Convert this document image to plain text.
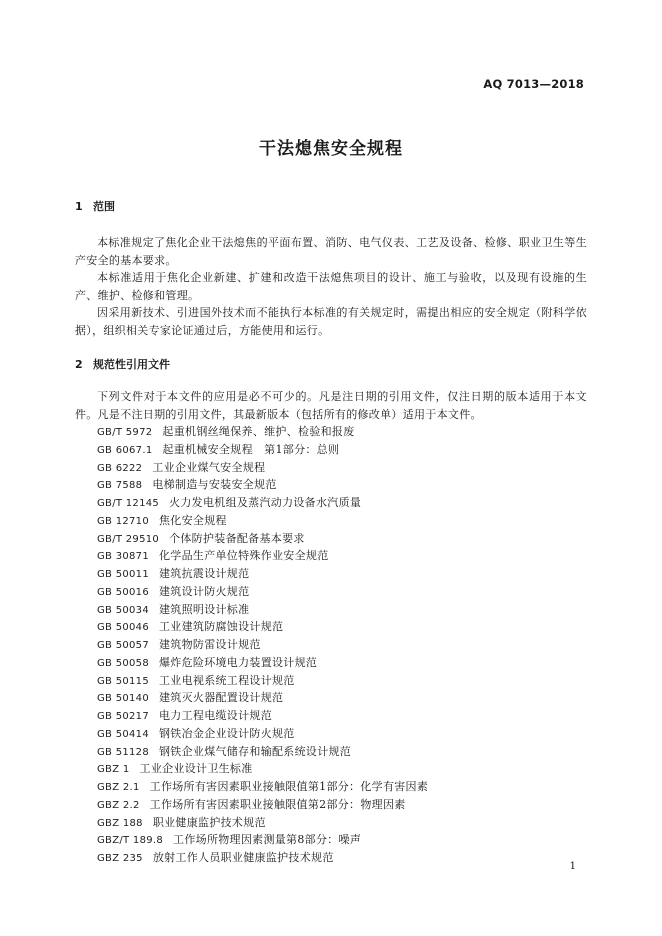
AQ 7013—2018
干法熄焦安全规程
1 范围
本标准规定了焦化企业干法熄焦的平面布置、消防、电气仪表、工艺及设备、检修、职业卫生等生产安全的基本要求。
本标准适用于焦化企业新建、扩建和改造干法熄焦项目的设计、施工与验收，以及现有设施的生产、维护、检修和管理。
因采用新技术、引进国外技术而不能执行本标准的有关规定时，需提出相应的安全规定（附科学依据），组织相关专家论证通过后，方能使用和运行。
2 规范性引用文件
下列文件对于本文件的应用是必不可少的。凡是注日期的引用文件，仅注日期的版本适用于本文件。凡是不注日期的引用文件，其最新版本（包括所有的修改单）适用于本文件。
GB/T 5972 起重机钢丝绳保养、维护、检验和报废
GB 6067.1 起重机械安全规程　第1部分：总则
GB 6222 工业企业煤气安全规程
GB 7588 电梯制造与安装安全规范
GB/T 12145 火力发电机组及蒸汽动力设备水汽质量
GB 12710 焦化安全规程
GB/T 29510 个体防护装备配备基本要求
GB 30871 化学品生产单位特殊作业安全规范
GB 50011 建筑抗震设计规范
GB 50016 建筑设计防火规范
GB 50034 建筑照明设计标准
GB 50046 工业建筑防腐蚀设计规范
GB 50057 建筑物防雷设计规范
GB 50058 爆炸危险环境电力装置设计规范
GB 50115 工业电视系统工程设计规范
GB 50140 建筑灭火器配置设计规范
GB 50217 电力工程电缆设计规范
GB 50414 钢铁冶金企业设计防火规范
GB 51128 钢铁企业煤气储存和输配系统设计规范
GBZ 1 工业企业设计卫生标准
GBZ 2.1 工作场所有害因素职业接触限值第1部分：化学有害因素
GBZ 2.2 工作场所有害因素职业接触限值第2部分：物理因素
GBZ 188 职业健康监护技术规范
GBZ/T 189.8 工作场所物理因素测量第8部分：噪声
GBZ 235 放射工作人员职业健康监护技术规范
1
